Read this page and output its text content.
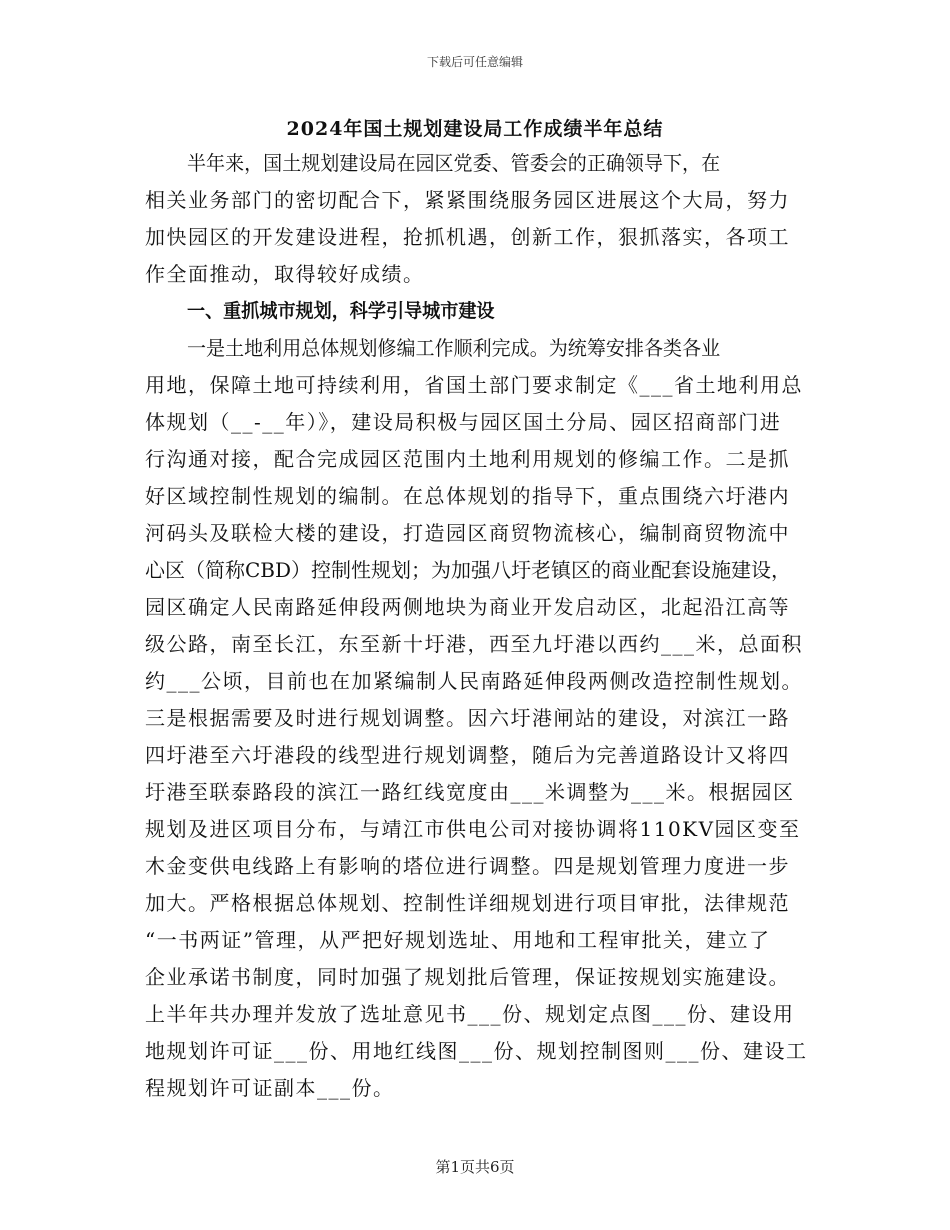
下载后可任意编辑
2024年国土规划建设局工作成绩半年总结
半年来，国土规划建设局在园区党委、管委会的正确领导下，在
相关业务部门的密切配合下，紧紧围绕服务园区进展这个大局，努力
加快园区的开发建设进程，抢抓机遇，创新工作，狠抓落实，各项工
作全面推动，取得较好成绩。
一、重抓城市规划，科学引导城市建设
一是土地利用总体规划修编工作顺利完成。为统筹安排各类各业
用地，保障土地可持续利用，省国土部门要求制定《___省土地利用总
体规划（__-__年）》，建设局积极与园区国土分局、园区招商部门进
行沟通对接，配合完成园区范围内土地利用规划的修编工作。二是抓
好区域控制性规划的编制。在总体规划的指导下，重点围绕六圩港内
河码头及联检大楼的建设，打造园区商贸物流核心，编制商贸物流中
心区（简称CBD）控制性规划；为加强八圩老镇区的商业配套设施建设，
园区确定人民南路延伸段两侧地块为商业开发启动区，北起沿江高等
级公路，南至长江，东至新十圩港，西至九圩港以西约___米，总面积
约___公顷，目前也在加紧编制人民南路延伸段两侧改造控制性规划。
三是根据需要及时进行规划调整。因六圩港闸站的建设，对滨江一路
四圩港至六圩港段的线型进行规划调整，随后为完善道路设计又将四
圩港至联泰路段的滨江一路红线宽度由___米调整为___米。根据园区
规划及进区项目分布，与靖江市供电公司对接协调将110KV园区变至
木金变供电线路上有影响的塔位进行调整。四是规划管理力度进一步
加大。严格根据总体规划、控制性详细规划进行项目审批，法律规范
“一书两证”管理，从严把好规划选址、用地和工程审批关，建立了
企业承诺书制度，同时加强了规划批后管理，保证按规划实施建设。
上半年共办理并发放了选址意见书___份、规划定点图___份、建设用
地规划许可证___份、用地红线图___份、规划控制图则___份、建设工
程规划许可证副本___份。
第1页共6页
